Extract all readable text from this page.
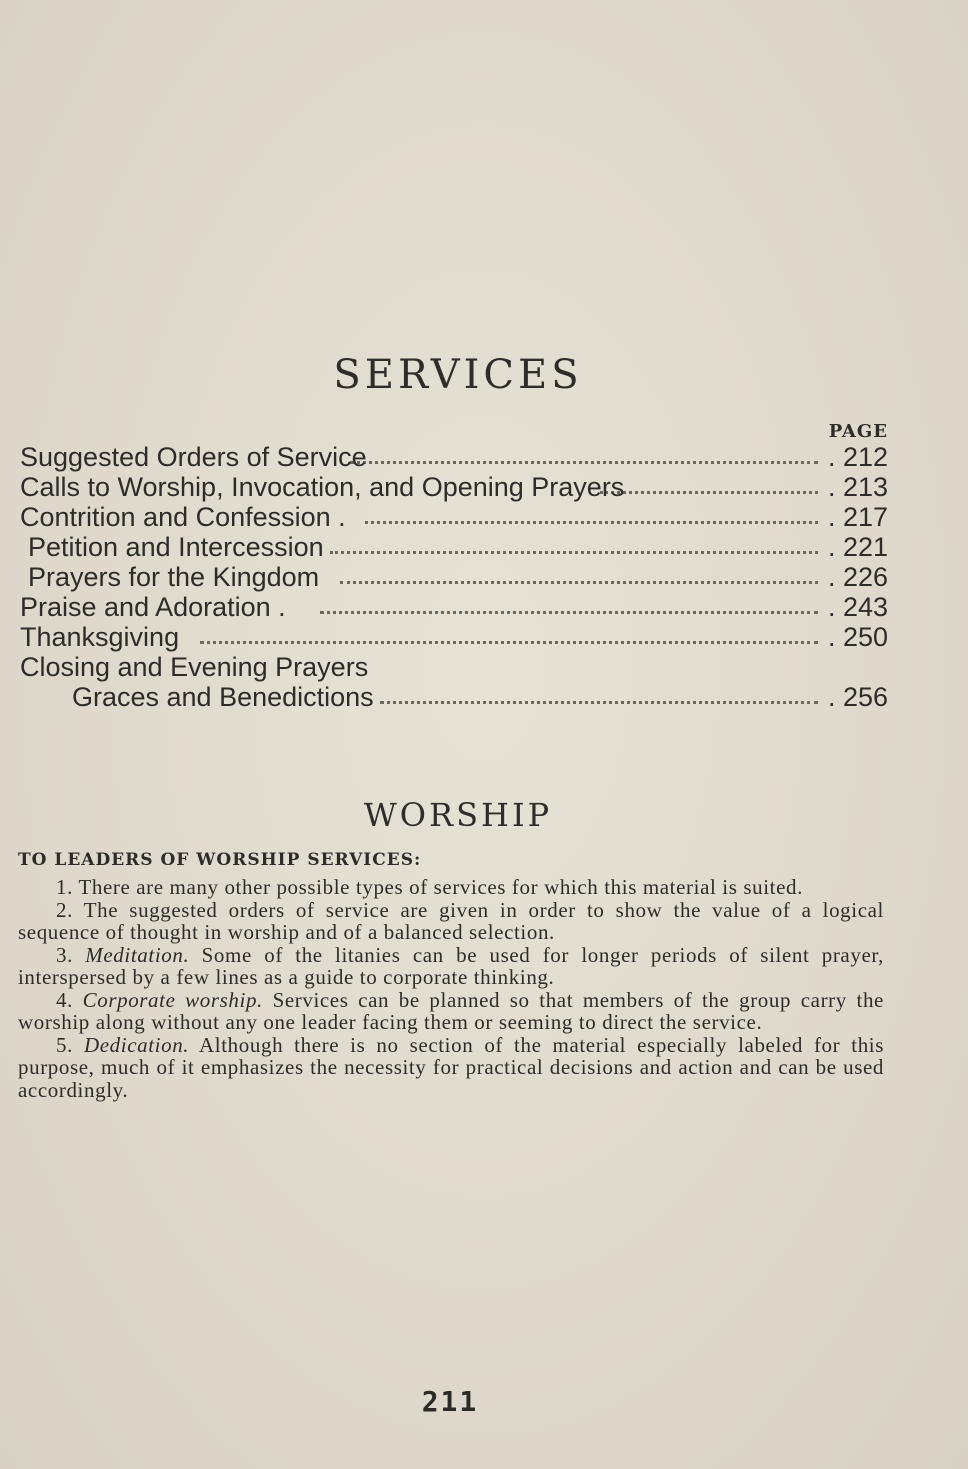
SERVICES
PAGE
Suggested Orders of Service	. 212
Calls to Worship, Invocation, and Opening Prayers	. 213
Contrition and Confession .	. 217
Petition and Intercession	. 221
Prayers for the Kingdom	. 226
Praise and Adoration .	. 243
Thanksgiving	. 250
Closing and Evening Prayers
Graces and Benedictions	. 256
WORSHIP
TO LEADERS OF WORSHIP SERVICES:

1. There are many other possible types of services for which this material is suited.

2. The suggested orders of service are given in order to show the value of a logical sequence of thought in worship and of a balanced selection.

3. Meditation. Some of the litanies can be used for longer periods of silent prayer, interspersed by a few lines as a guide to corporate thinking.

4. Corporate worship. Services can be planned so that members of the group carry the worship along without any one leader facing them or seeming to direct the service.

5. Dedication. Although there is no section of the material especially labeled for this purpose, much of it emphasizes the necessity for practical decisions and action and can be used accordingly.

211
